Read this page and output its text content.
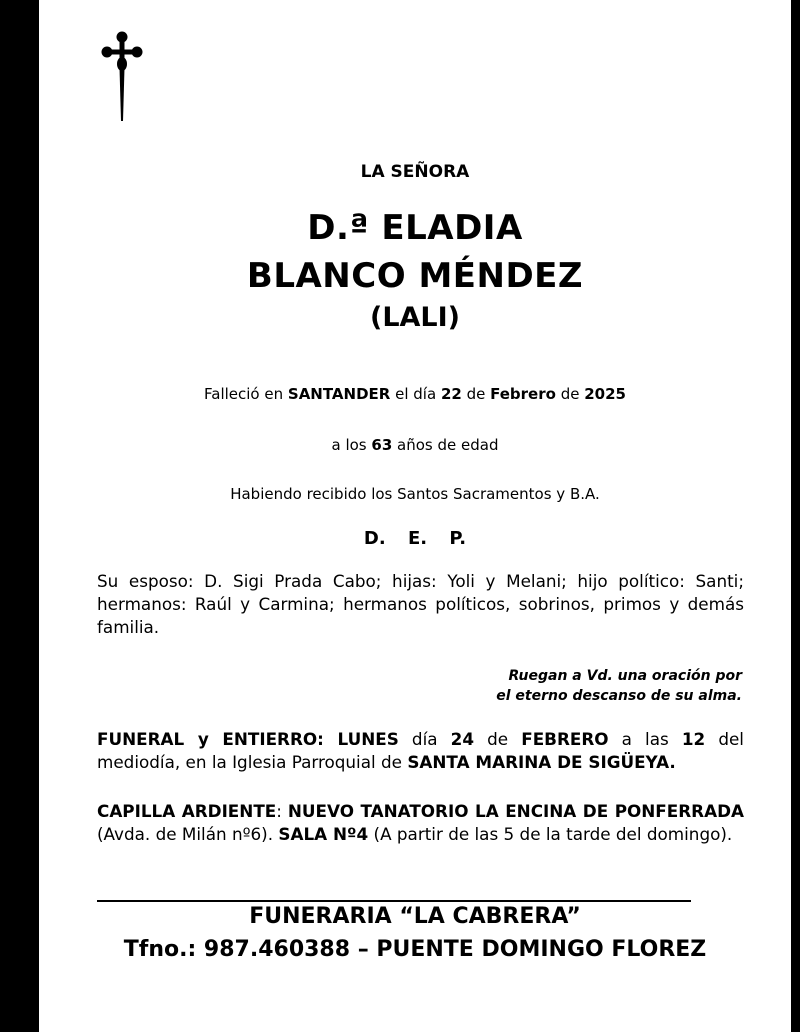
LA SEÑORA
D.ª ELADIA
BLANCO MÉNDEZ
(LALI)
Falleció en SANTANDER el día 22 de Febrero de 2025
a los 63 años de edad
Habiendo recibido los Santos Sacramentos y B.A.
D. E. P.
Su esposo: D. Sigi Prada Cabo; hijas: Yoli y Melani; hijo político: Santi; hermanos: Raúl y Carmina; hermanos políticos, sobrinos, primos y demás familia.
Ruegan a Vd. una oración por
el eterno descanso de su alma.
FUNERAL y ENTIERRO: LUNES día 24 de FEBRERO a las 12 del mediodía, en la Iglesia Parroquial de SANTA MARINA DE SIGÜEYA.
CAPILLA ARDIENTE: NUEVO TANATORIO LA ENCINA DE PONFERRADA (Avda. de Milán nº6). SALA Nº4 (A partir de las 5 de la tarde del domingo).
FUNERARIA “LA CABRERA”
Tfno.: 987.460388 – PUENTE DOMINGO FLOREZ
